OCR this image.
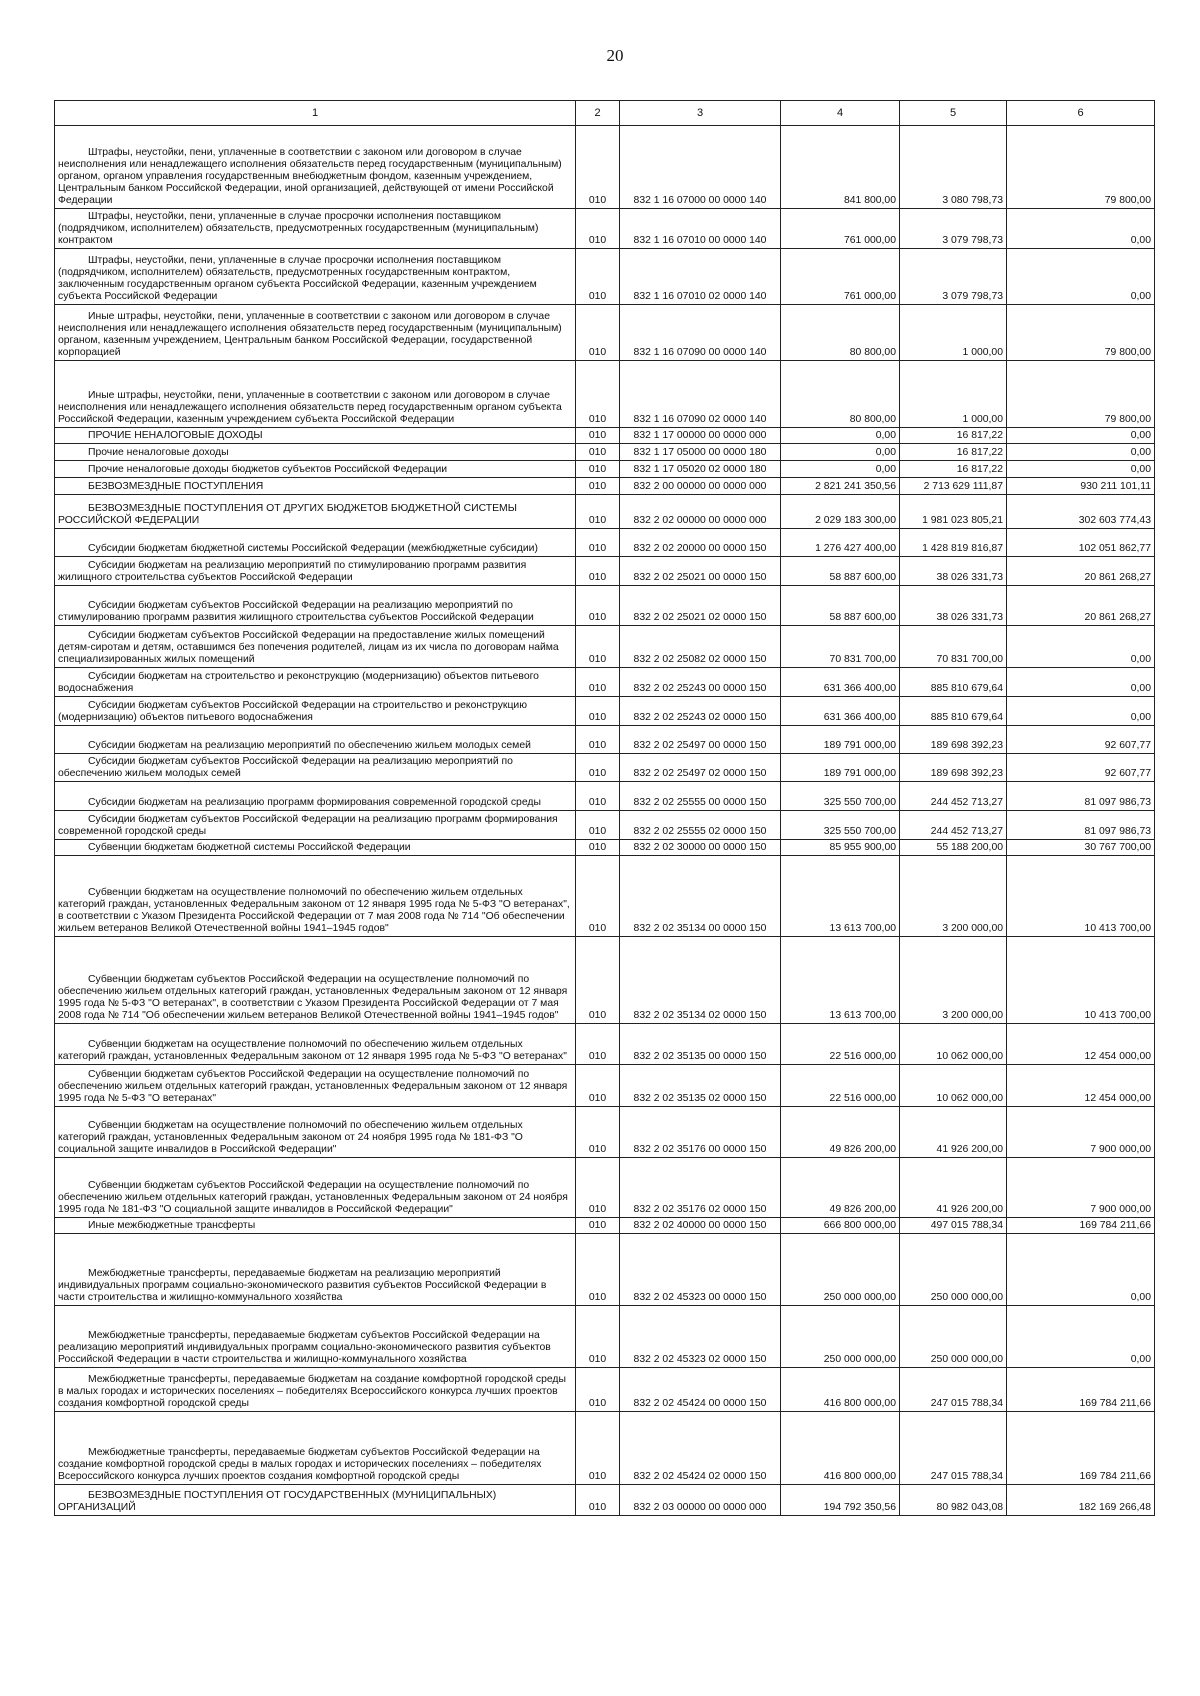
20
1	2	3	4	5	6

Штрафы, неустойки, пени, уплаченные в соответствии с законом или договором в случае неисполнения или ненадлежащего исполнения обязательств перед государственным (муниципальным) органом, органом управления государственным внебюджетным фондом, казенным учреждением, Центральным банком Российской Федерации, иной организацией, действующей от имени Российской Федерации	010	832 1 16 07000 00 0000 140	841 800,00	3 080 798,73	79 800,00

Штрафы, неустойки, пени, уплаченные в случае просрочки исполнения поставщиком (подрядчиком, исполнителем) обязательств, предусмотренных государственным (муниципальным) контрактом	010	832 1 16 07010 00 0000 140	761 000,00	3 079 798,73	0,00

Штрафы, неустойки, пени, уплаченные в случае просрочки исполнения поставщиком (подрядчиком, исполнителем) обязательств, предусмотренных государственным контрактом, заключенным государственным органом субъекта Российской Федерации, казенным учреждением субъекта Российской Федерации	010	832 1 16 07010 02 0000 140	761 000,00	3 079 798,73	0,00

Иные штрафы, неустойки, пени, уплаченные в соответствии с законом или договором в случае неисполнения или ненадлежащего исполнения обязательств перед государственным (муниципальным) органом, казенным учреждением, Центральным банком Российской Федерации, государственной корпорацией	010	832 1 16 07090 00 0000 140	80 800,00	1 000,00	79 800,00

Иные штрафы, неустойки, пени, уплаченные в соответствии с законом или договором в случае неисполнения или ненадлежащего исполнения обязательств перед государственным органом субъекта Российской Федерации, казенным учреждением субъекта Российской Федерации	010	832 1 16 07090 02 0000 140	80 800,00	1 000,00	79 800,00

ПРОЧИЕ НЕНАЛОГОВЫЕ ДОХОДЫ	010	832 1 17 00000 00 0000 000	0,00	16 817,22	0,00

Прочие неналоговые доходы	010	832 1 17 05000 00 0000 180	0,00	16 817,22	0,00

Прочие неналоговые доходы бюджетов субъектов Российской Федерации	010	832 1 17 05020 02 0000 180	0,00	16 817,22	0,00

БЕЗВОЗМЕЗДНЫЕ ПОСТУПЛЕНИЯ	010	832 2 00 00000 00 0000 000	2 821 241 350,56	2 713 629 111,87	930 211 101,11

БЕЗВОЗМЕЗДНЫЕ ПОСТУПЛЕНИЯ ОТ ДРУГИХ БЮДЖЕТОВ БЮДЖЕТНОЙ СИСТЕМЫ РОССИЙСКОЙ ФЕДЕРАЦИИ	010	832 2 02 00000 00 0000 000	2 029 183 300,00	1 981 023 805,21	302 603 774,43

Субсидии бюджетам бюджетной системы Российской Федерации (межбюджетные субсидии)	010	832 2 02 20000 00 0000 150	1 276 427 400,00	1 428 819 816,87	102 051 862,77

Субсидии бюджетам на реализацию мероприятий по стимулированию программ развития жилищного строительства субъектов Российской Федерации	010	832 2 02 25021 00 0000 150	58 887 600,00	38 026 331,73	20 861 268,27

Субсидии бюджетам субъектов Российской Федерации на реализацию мероприятий по стимулированию программ развития жилищного строительства субъектов Российской Федерации	010	832 2 02 25021 02 0000 150	58 887 600,00	38 026 331,73	20 861 268,27

Субсидии бюджетам субъектов Российской Федерации на предоставление жилых помещений детям-сиротам и детям, оставшимся без попечения родителей, лицам из их числа по договорам найма специализированных жилых помещений	010	832 2 02 25082 02 0000 150	70 831 700,00	70 831 700,00	0,00

Субсидии бюджетам на строительство и реконструкцию (модернизацию) объектов питьевого водоснабжения	010	832 2 02 25243 00 0000 150	631 366 400,00	885 810 679,64	0,00

Субсидии бюджетам субъектов Российской Федерации на строительство и реконструкцию (модернизацию) объектов питьевого водоснабжения	010	832 2 02 25243 02 0000 150	631 366 400,00	885 810 679,64	0,00

Субсидии бюджетам на реализацию мероприятий по обеспечению жильем молодых семей	010	832 2 02 25497 00 0000 150	189 791 000,00	189 698 392,23	92 607,77

Субсидии бюджетам субъектов Российской Федерации на реализацию мероприятий по обеспечению жильем молодых семей	010	832 2 02 25497 02 0000 150	189 791 000,00	189 698 392,23	92 607,77

Субсидии бюджетам на реализацию программ формирования современной городской среды	010	832 2 02 25555 00 0000 150	325 550 700,00	244 452 713,27	81 097 986,73

Субсидии бюджетам субъектов Российской Федерации на реализацию программ формирования современной городской среды	010	832 2 02 25555 02 0000 150	325 550 700,00	244 452 713,27	81 097 986,73

Субвенции бюджетам бюджетной системы Российской Федерации	010	832 2 02 30000 00 0000 150	85 955 900,00	55 188 200,00	30 767 700,00

Субвенции бюджетам на осуществление полномочий по обеспечению жильем отдельных категорий граждан, установленных Федеральным законом от 12 января 1995 года № 5-ФЗ "О ветеранах", в соответствии с Указом Президента Российской Федерации от 7 мая 2008 года № 714 "Об обеспечении жильем ветеранов Великой Отечественной войны 1941–1945 годов"	010	832 2 02 35134 00 0000 150	13 613 700,00	3 200 000,00	10 413 700,00

Субвенции бюджетам субъектов Российской Федерации на осуществление полномочий по обеспечению жильем отдельных категорий граждан, установленных Федеральным законом от 12 января 1995 года № 5-ФЗ "О ветеранах", в соответствии с Указом Президента Российской Федерации от 7 мая 2008 года № 714 "Об обеспечении жильем ветеранов Великой Отечественной войны 1941–1945 годов"	010	832 2 02 35134 02 0000 150	13 613 700,00	3 200 000,00	10 413 700,00

Субвенции бюджетам на осуществление полномочий по обеспечению жильем отдельных категорий граждан, установленных Федеральным законом от 12 января 1995 года № 5-ФЗ "О ветеранах"	010	832 2 02 35135 00 0000 150	22 516 000,00	10 062 000,00	12 454 000,00

Субвенции бюджетам субъектов Российской Федерации на осуществление полномочий по обеспечению жильем отдельных категорий граждан, установленных Федеральным законом от 12 января 1995 года № 5-ФЗ "О ветеранах"	010	832 2 02 35135 02 0000 150	22 516 000,00	10 062 000,00	12 454 000,00

Субвенции бюджетам на осуществление полномочий по обеспечению жильем отдельных категорий граждан, установленных Федеральным законом от 24 ноября 1995 года № 181-ФЗ "О социальной защите инвалидов в Российской Федерации"	010	832 2 02 35176 00 0000 150	49 826 200,00	41 926 200,00	7 900 000,00

Субвенции бюджетам субъектов Российской Федерации на осуществление полномочий по обеспечению жильем отдельных категорий граждан, установленных Федеральным законом от 24 ноября 1995 года № 181-ФЗ "О социальной защите инвалидов в Российской Федерации"	010	832 2 02 35176 02 0000 150	49 826 200,00	41 926 200,00	7 900 000,00

Иные межбюджетные трансферты	010	832 2 02 40000 00 0000 150	666 800 000,00	497 015 788,34	169 784 211,66

Межбюджетные трансферты, передаваемые бюджетам на реализацию мероприятий индивидуальных программ социально-экономического развития субъектов Российской Федерации в части строительства и жилищно-коммунального хозяйства	010	832 2 02 45323 00 0000 150	250 000 000,00	250 000 000,00	0,00

Межбюджетные трансферты, передаваемые бюджетам субъектов Российской Федерации на реализацию мероприятий индивидуальных программ социально-экономического развития субъектов Российской Федерации в части строительства и жилищно-коммунального хозяйства	010	832 2 02 45323 02 0000 150	250 000 000,00	250 000 000,00	0,00

Межбюджетные трансферты, передаваемые бюджетам на создание комфортной городской среды в малых городах и исторических поселениях – победителях Всероссийского конкурса лучших проектов создания комфортной городской среды	010	832 2 02 45424 00 0000 150	416 800 000,00	247 015 788,34	169 784 211,66

Межбюджетные трансферты, передаваемые бюджетам субъектов Российской Федерации на создание комфортной городской среды в малых городах и исторических поселениях – победителях Всероссийского конкурса лучших проектов создания комфортной городской среды	010	832 2 02 45424 02 0000 150	416 800 000,00	247 015 788,34	169 784 211,66

БЕЗВОЗМЕЗДНЫЕ ПОСТУПЛЕНИЯ ОТ ГОСУДАРСТВЕННЫХ (МУНИЦИПАЛЬНЫХ) ОРГАНИЗАЦИЙ	010	832 2 03 00000 00 0000 000	194 792 350,56	80 982 043,08	182 169 266,48
